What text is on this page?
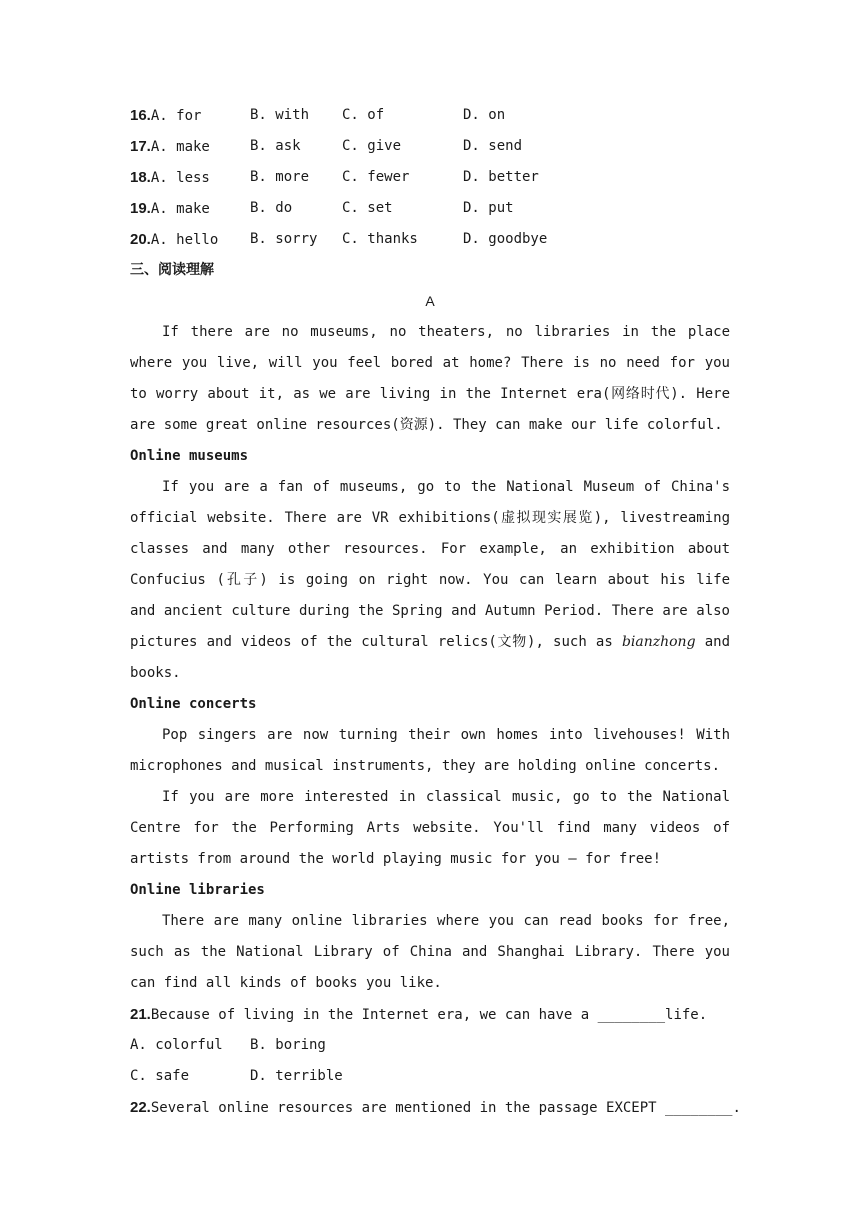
16.A. for	B. with C. of	D. on
17.A. make	B. ask	C. give	D. send
18.A. less	B. more C. fewer	D. better
19.A. make	B. do	C. set	D. put
20.A. hello B. sorry C. thanks	D. goodbye
三、阅读理解
A

If there are no museums, no theaters, no libraries in the place where you live, will you feel bored at home? There is no need for you to worry about it, as we are living in the Internet era(网络时代). Here are some great online resources(资源). They can make our life colorful.

Online museums

If you are a fan of museums, go to the National Museum of China's official website. There are VR exhibitions(虚拟现实展览), livestreaming classes and many other resources. For example, an exhibition about Confucius (孔子) is going on right now. You can learn about his life and ancient culture during the Spring and Autumn Period. There are also pictures and videos of the cultural relics(文物), such as bianzhong and books.

Online concerts

Pop singers are now turning their own homes into livehouses! With microphones and musical instruments, they are holding online concerts.

If you are more interested in classical music, go to the National Centre for the Performing Arts website. You'll find many videos of artists from around the world playing music for you — for free!

Online libraries

There are many online libraries where you can read books for free, such as the National Library of China and Shanghai Library. There you can find all kinds of books you like.

21.Because of living in the Internet era, we can have a ________life.
A. colorful B. boring
C. safe	D. terrible
22.Several online resources are mentioned in the passage EXCEPT ________.
